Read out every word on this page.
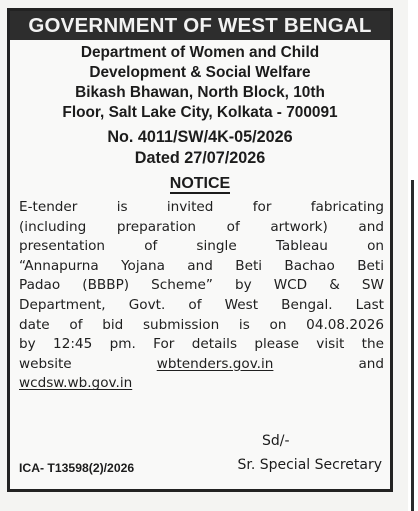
GOVERNMENT OF WEST BENGAL
Department of Women and Child
Development & Social Welfare
Bikash Bhawan, North Block, 10th
Floor, Salt Lake City, Kolkata - 700091
No. 4011/SW/4K-05/2026
Dated 27/07/2026
NOTICE
E-tender is invited for fabricating
(including preparation of artwork) and
presentation of single Tableau on
“Annapurna Yojana and Beti Bachao Beti
Padao (BBBP) Scheme” by WCD & SW
Department, Govt. of West Bengal. Last
date of bid submission is on 04.08.2026
by 12:45 pm. For details please visit the
website	wbtenders.gov.in	and
wcdsw.wb.gov.in
Sd/-
ICA- T13598(2)/2026	Sr. Special Secretary
